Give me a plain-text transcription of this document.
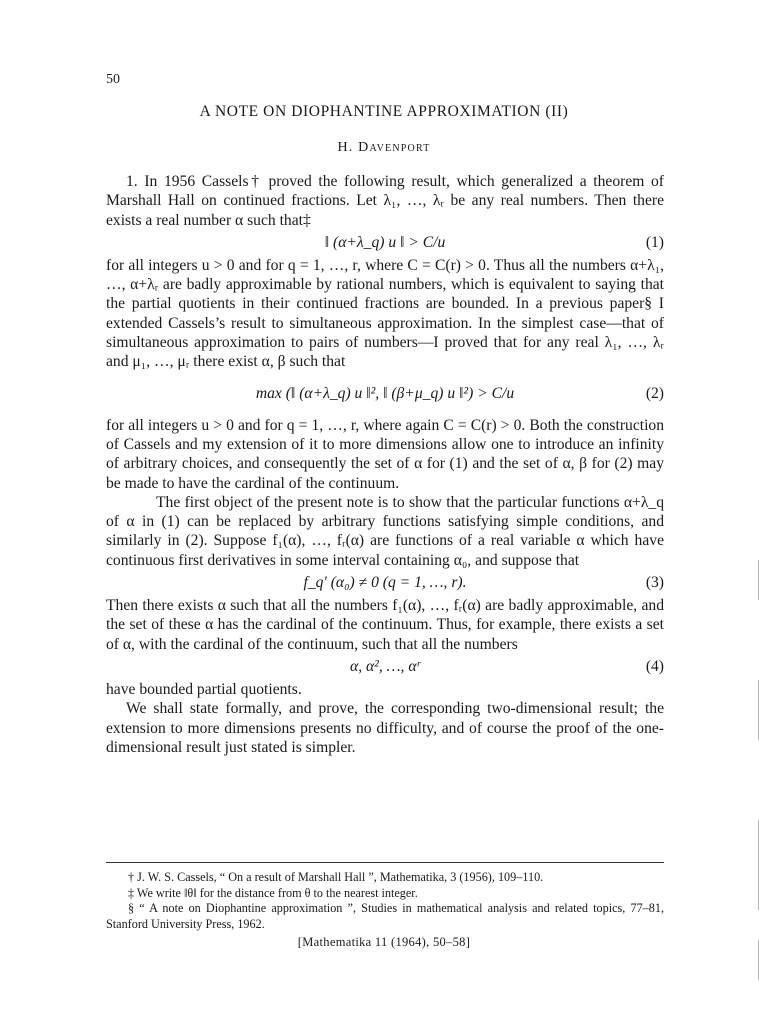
50
A NOTE ON DIOPHANTINE APPROXIMATION (II)
H. Davenport

1. In 1956 Cassels† proved the following result, which generalized a theorem of Marshall Hall on continued fractions. Let λ₁, …, λᵣ be any real numbers. Then there exists a real number α such that‡

‖ (α+λ_q) u ‖ > C/u	(1)

for all integers u > 0 and for q = 1, …, r, where C = C(r) > 0. Thus all the numbers α+λ₁, …, α+λᵣ are badly approximable by rational numbers, which is equivalent to saying that the partial quotients in their continued fractions are bounded. In a previous paper§ I extended Cassels’s result to simultaneous approximation. In the simplest case—that of simultaneous approximation to pairs of numbers—I proved that for any real λ₁, …, λᵣ and μ₁, …, μᵣ there exist α, β such that

max (‖ (α+λ_q) u ‖², ‖ (β+μ_q) u ‖²) > C/u	(2)

for all integers u > 0 and for q = 1, …, r, where again C = C(r) > 0. Both the construction of Cassels and my extension of it to more dimensions allow one to introduce an infinity of arbitrary choices, and consequently the set of α for (1) and the set of α, β for (2) may be made to have the cardinal of the continuum.

The first object of the present note is to show that the particular functions α+λ_q of α in (1) can be replaced by arbitrary functions satisfying simple conditions, and similarly in (2). Suppose f₁(α), …, fᵣ(α) are functions of a real variable α which have continuous first derivatives in some interval containing α₀, and suppose that

f_q′ (α₀) ≠ 0 (q = 1, …, r).	(3)

Then there exists α such that all the numbers f₁(α), …, fᵣ(α) are badly approximable, and the set of these α has the cardinal of the continuum. Thus, for example, there exists a set of α, with the cardinal of the continuum, such that all the numbers

α, α², …, αʳ	(4)

have bounded partial quotients.

We shall state formally, and prove, the corresponding two-dimensional result; the extension to more dimensions presents no difficulty, and of course the proof of the one-dimensional result just stated is simpler.

† J. W. S. Cassels, “ On a result of Marshall Hall ”, Mathematika, 3 (1956), 109–110.

‡ We write ‖θ‖ for the distance from θ to the nearest integer.

§ “ A note on Diophantine approximation ”, Studies in mathematical analysis and related topics, 77–81, Stanford University Press, 1962.

[Mathematika 11 (1964), 50–58]
